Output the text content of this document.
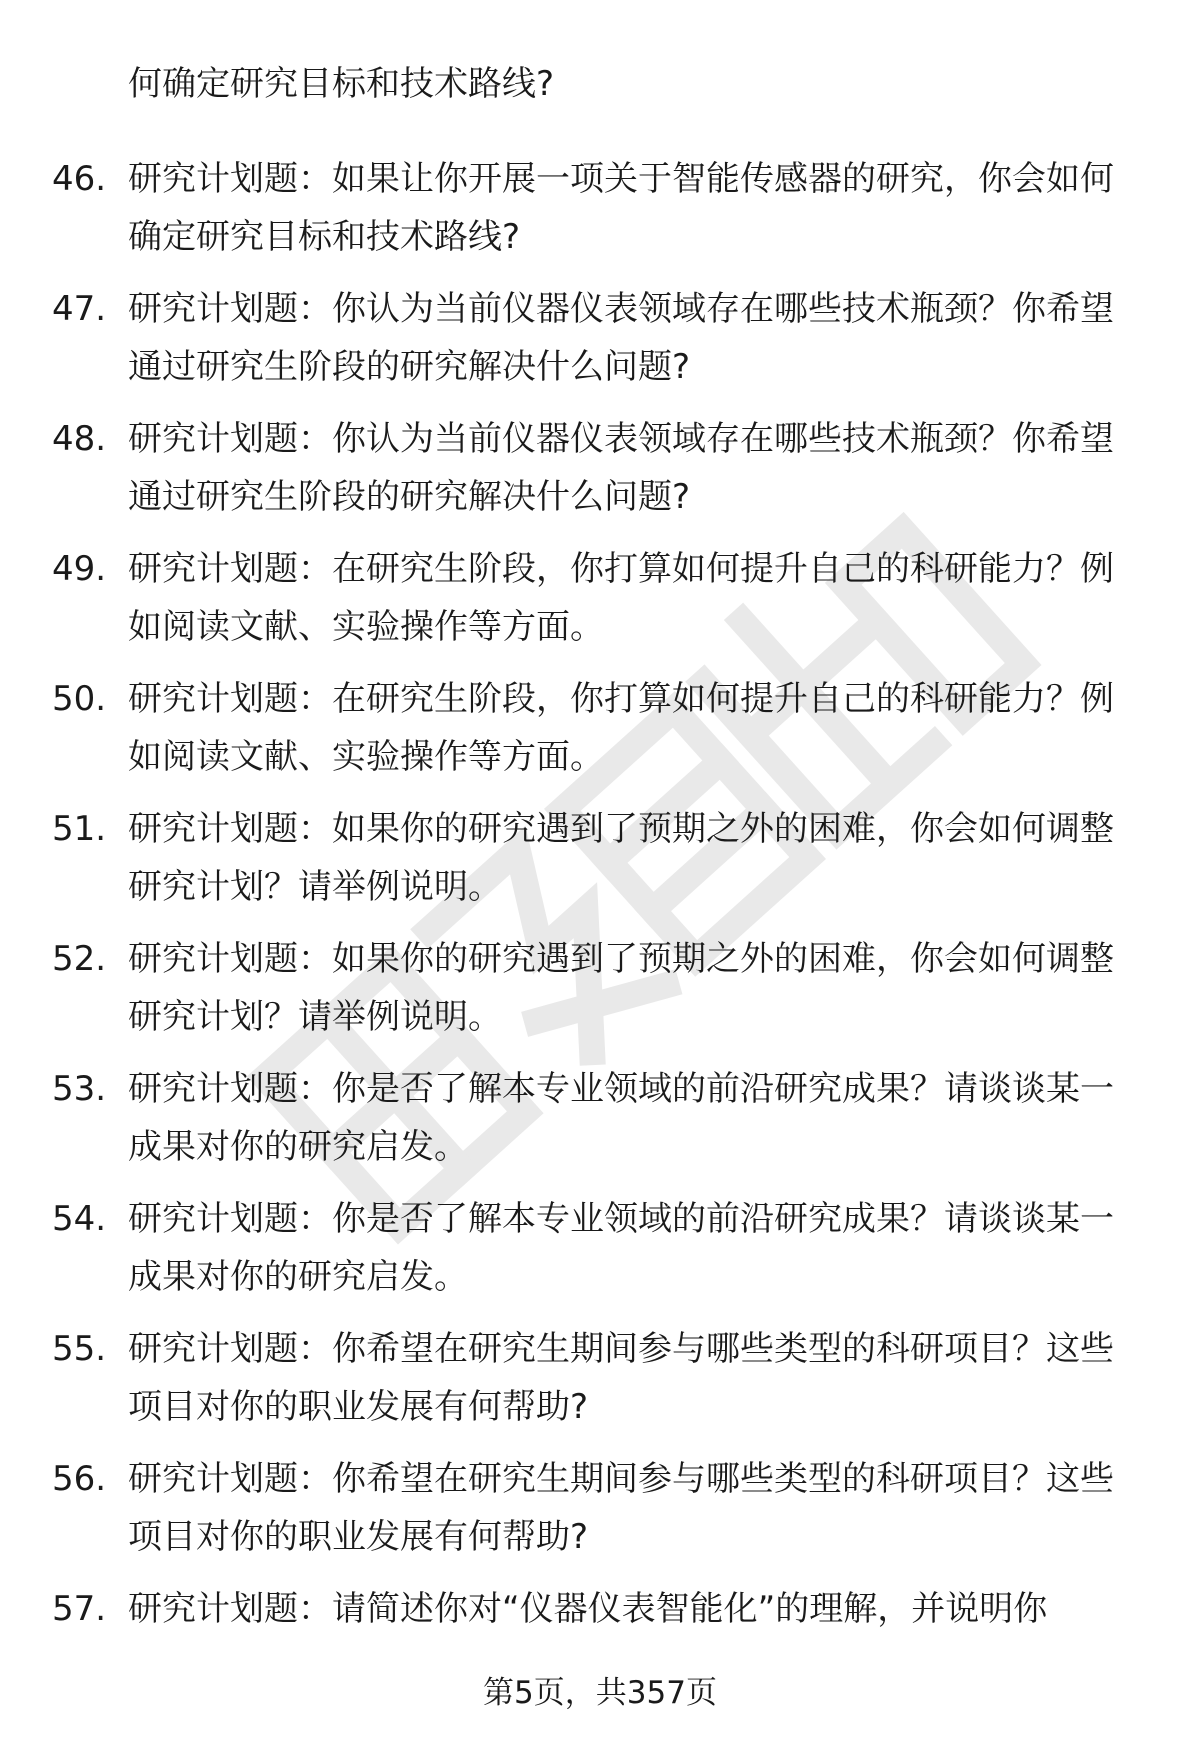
何确定研究目标和技术路线?
46. 研究计划题：如果让你开展一项关于智能传感器的研究，你会如何确定研究目标和技术路线?
47. 研究计划题：你认为当前仪器仪表领域存在哪些技术瓶颈？你希望通过研究生阶段的研究解决什么问题?
48. 研究计划题：你认为当前仪器仪表领域存在哪些技术瓶颈？你希望通过研究生阶段的研究解决什么问题?
49. 研究计划题：在研究生阶段，你打算如何提升自己的科研能力？例如阅读文献、实验操作等方面。
50. 研究计划题：在研究生阶段，你打算如何提升自己的科研能力？例如阅读文献、实验操作等方面。
51. 研究计划题：如果你的研究遇到了预期之外的困难，你会如何调整研究计划？请举例说明。
52. 研究计划题：如果你的研究遇到了预期之外的困难，你会如何调整研究计划？请举例说明。
53. 研究计划题：你是否了解本专业领域的前沿研究成果？请谈谈某一成果对你的研究启发。
54. 研究计划题：你是否了解本专业领域的前沿研究成果？请谈谈某一成果对你的研究启发。
55. 研究计划题：你希望在研究生期间参与哪些类型的科研项目？这些项目对你的职业发展有何帮助?
56. 研究计划题：你希望在研究生期间参与哪些类型的科研项目？这些项目对你的职业发展有何帮助?
57. 研究计划题：请简述你对“仪器仪表智能化”的理解，并说明你
第5页，共357页
